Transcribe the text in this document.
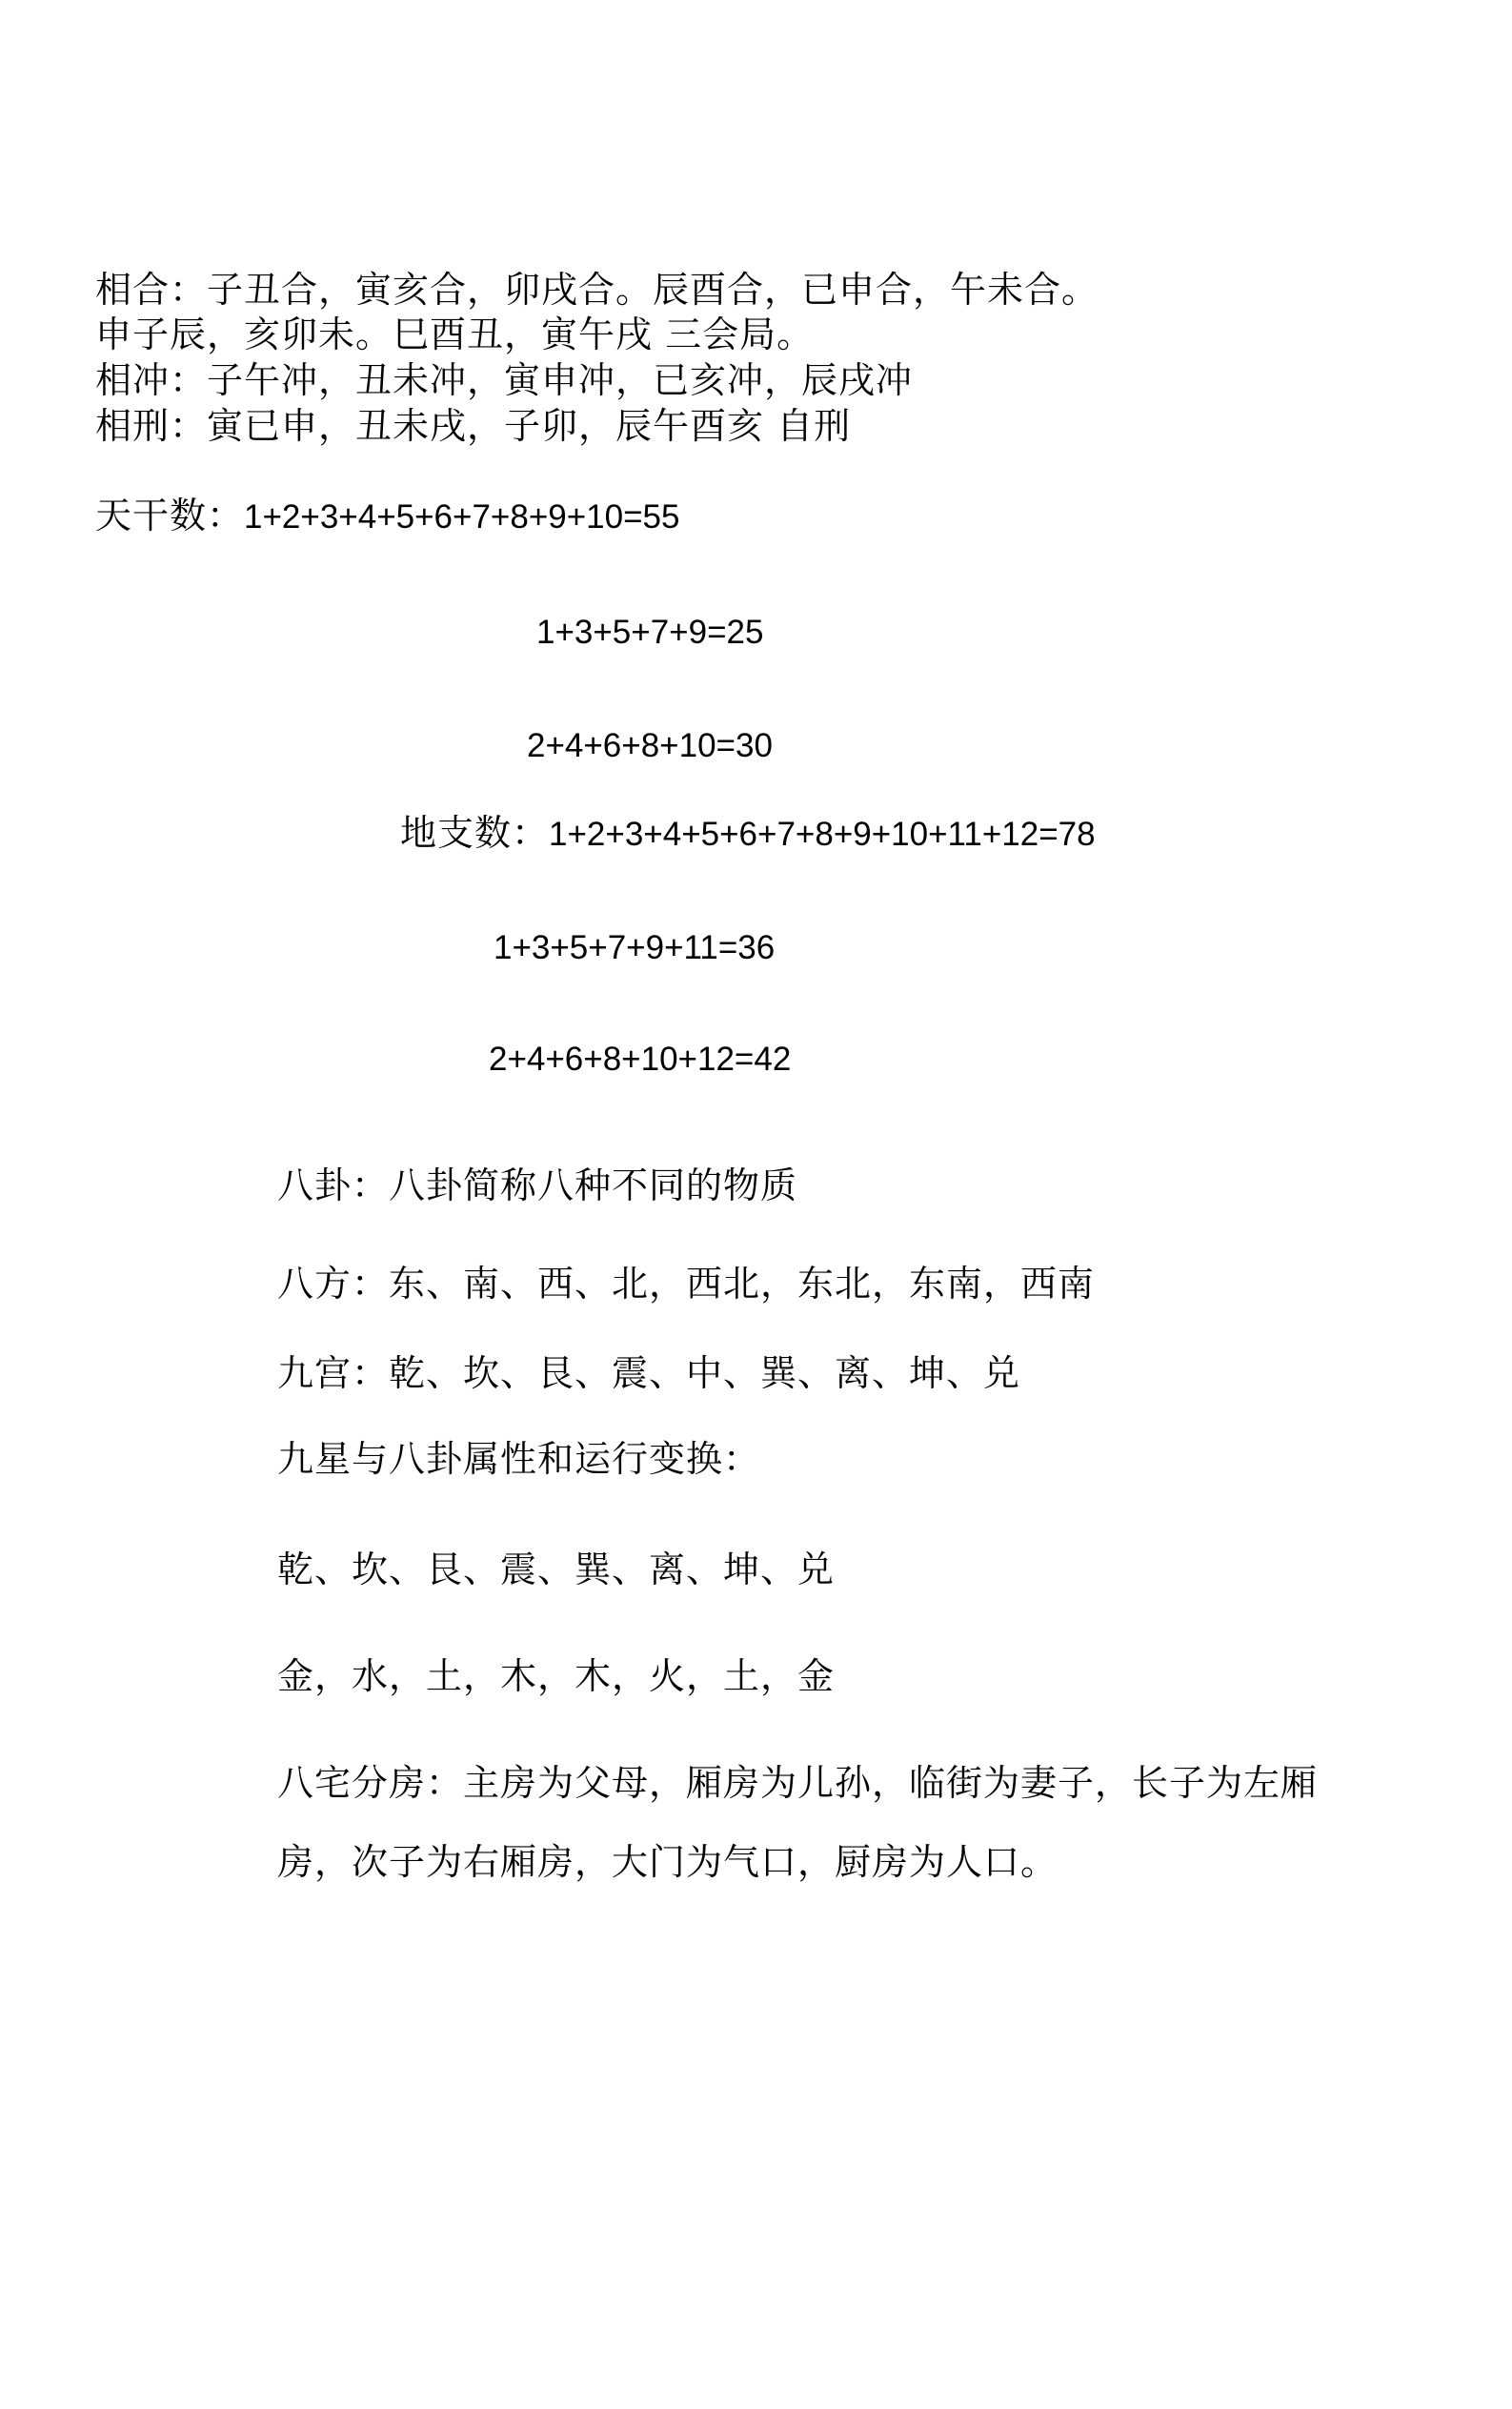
相合：子丑合，寅亥合，卯戌合。辰酉合，已申合，午未合。
申子辰，亥卯未。巳酉丑，寅午戌 三会局。
相冲：子午冲，丑未冲，寅申冲，已亥冲，辰戌冲
相刑：寅已申，丑未戌，子卯，辰午酉亥 自刑
天干数：1+2+3+4+5+6+7+8+9+10=55
1+3+5+7+9=25
2+4+6+8+10=30
地支数：1+2+3+4+5+6+7+8+9+10+11+12=78
1+3+5+7+9+11=36
2+4+6+8+10+12=42
八卦：八卦简称八种不同的物质
八方：东、南、西、北，西北，东北，东南，西南
九宫：乾、坎、艮、震、中、巽、离、坤、兑
九星与八卦属性和运行变换：
乾、坎、艮、震、巽、离、坤、兑
金，水，土，木，木，火，土，金
八宅分房：主房为父母，厢房为儿孙，临街为妻子，长子为左厢
房，次子为右厢房，大门为气口，厨房为人口。
